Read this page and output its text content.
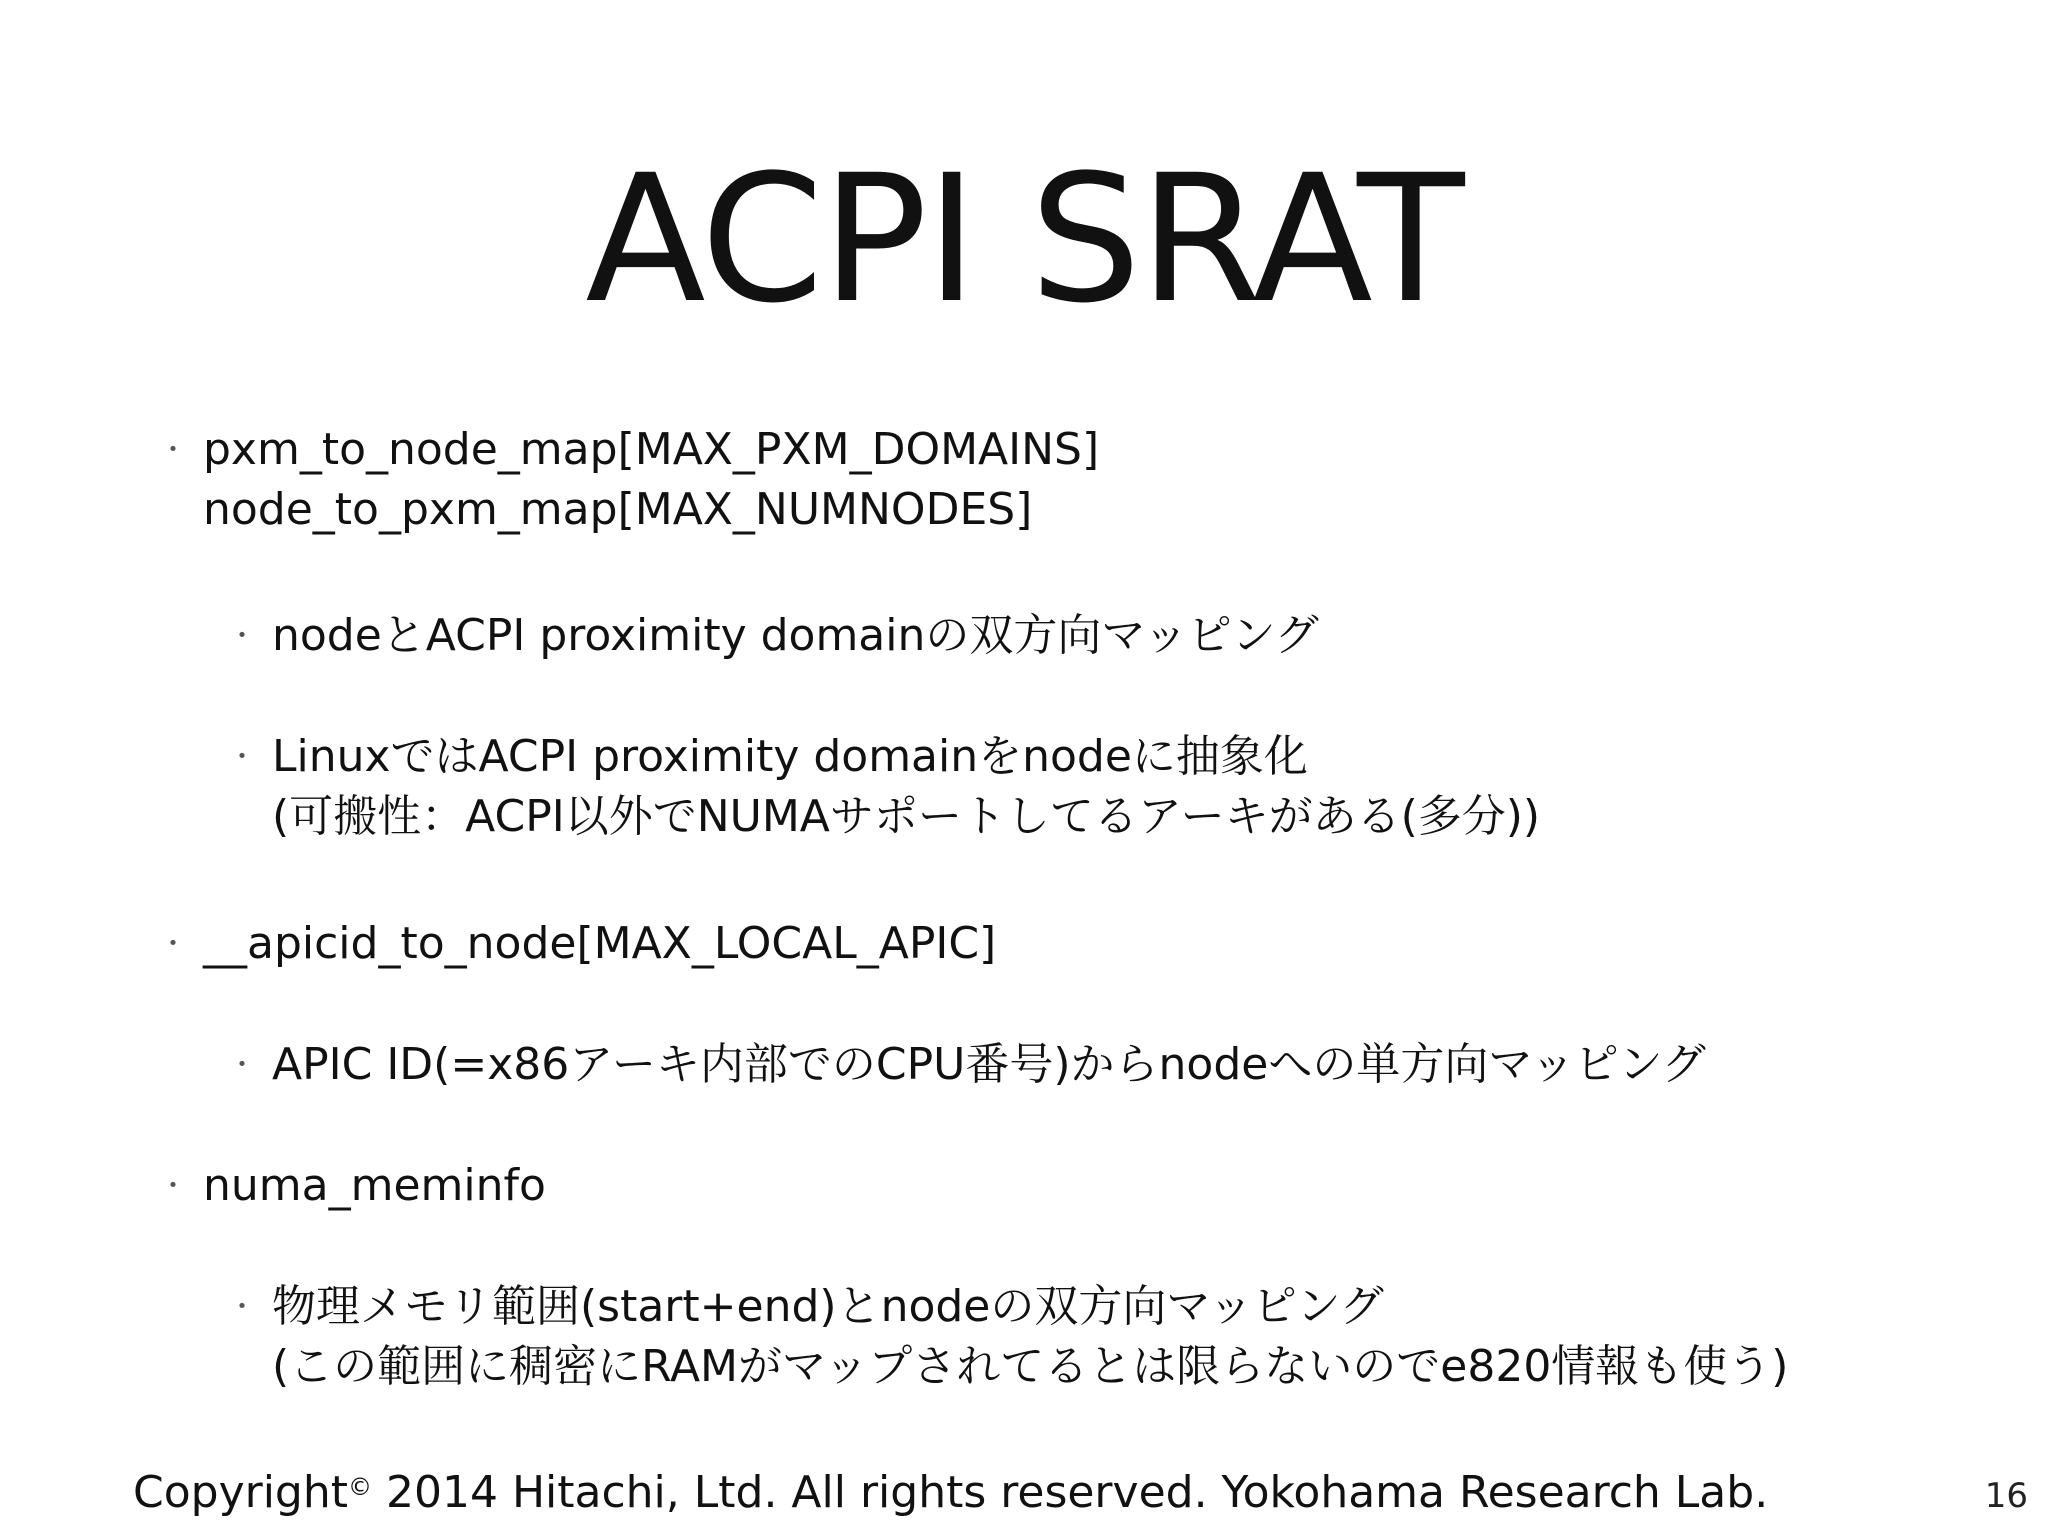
ACPI SRAT
・ pxm_to_node_map[MAX_PXM_DOMAINS]
node_to_pxm_map[MAX_NUMNODES]
・ nodeとACPI proximity domainの双方向マッピング
・ LinuxではACPI proximity domainをnodeに抽象化
(可搬性：ACPI以外でNUMAサポートしてるアーキがある(多分))
・ __apicid_to_node[MAX_LOCAL_APIC]
・ APIC ID(=x86アーキ内部でのCPU番号)からnodeへの単方向マッピング
・ numa_meminfo
・ 物理メモリ範囲(start+end)とnodeの双方向マッピング
(この範囲に稠密にRAMがマップされてるとは限らないのでe820情報も使う)
Copyright© 2014 Hitachi, Ltd. All rights reserved. Yokohama Research Lab.	16
